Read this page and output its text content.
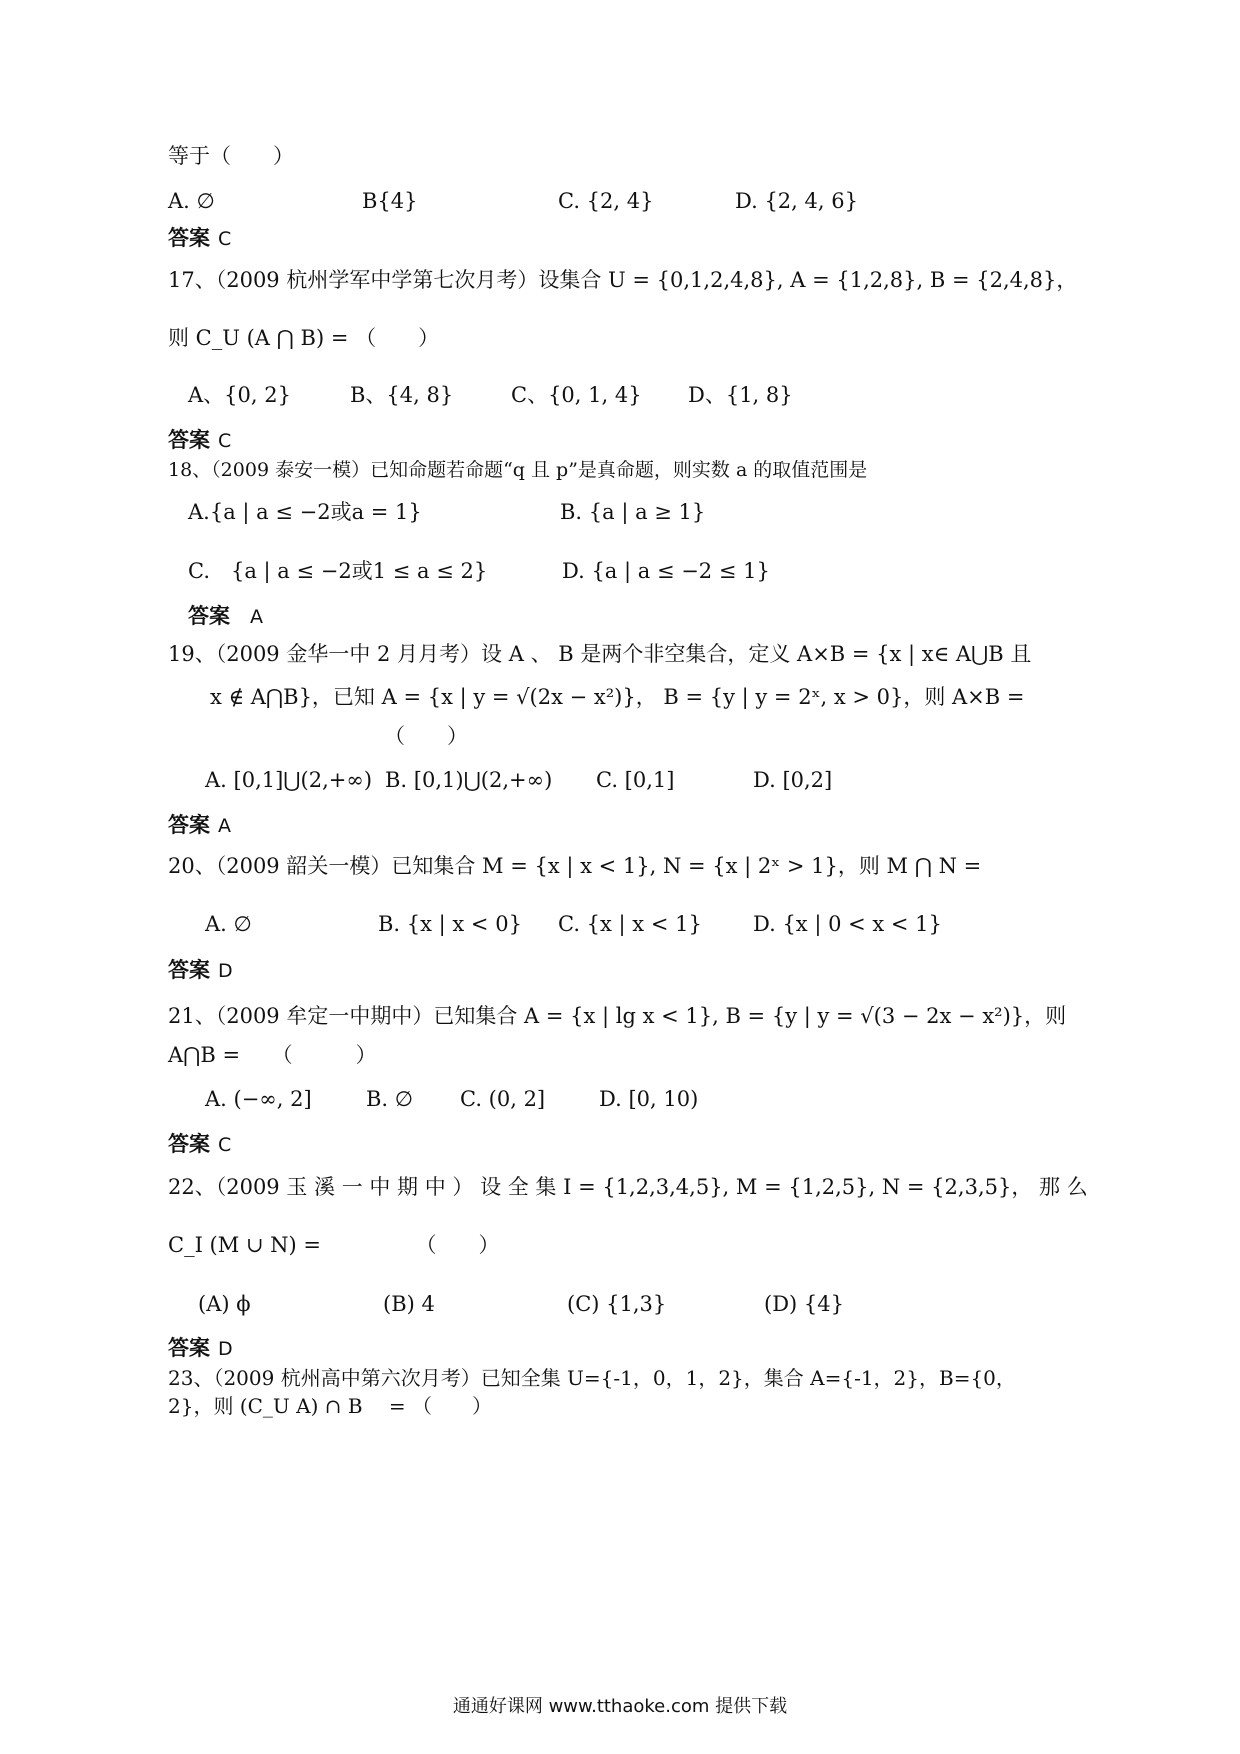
等于（　　）
A. ∅	B{4}	C. {2, 4}	D. {2, 4, 6}
答案 C
17、（2009 杭州学军中学第七次月考）设集合 U = {0,1,2,4,8}, A = {1,2,8}, B = {2,4,8}，
则 C_U (A ⋂ B) = （　　）
A、{0, 2}	B、{4, 8}	C、{0, 1, 4} D、{1, 8}
答案 C
18、（2009 泰安一模）已知命题若命题“q 且 p”是真命题，则实数 a 的取值范围是
A.{a | a ≤ −2或a = 1}	B. {a | a ≥ 1}
C.　{a | a ≤ −2或1 ≤ a ≤ 2}	D. {a | a ≤ −2 ≤ 1}
答案 A
19、（2009 金华一中 2 月月考）设 A 、 B 是两个非空集合，定义 A×B = {x | x∈ A⋃B 且
x ∉ A⋂B}，已知 A = {x | y = √(2x − x²)}， B = {y | y = 2ˣ, x > 0}，则 A×B =
（　　）
A. [0,1]⋃(2,+∞) B. [0,1)⋃(2,+∞) C. [0,1]	D. [0,2]
答案 A
20、（2009 韶关一模）已知集合 M = {x | x < 1}, N = {x | 2ˣ > 1}，则 M ⋂ N =
A. ∅	B. {x | x < 0} C. {x | x < 1} D. {x | 0 < x < 1}
答案 D
21、（2009 牟定一中期中）已知集合 A = {x | lg x < 1}, B = {y | y = √(3 − 2x − x²)}，则
A⋂B =　　（　　　）
A. (−∞, 2]	B. ∅ C. (0, 2]	D. [0, 10)
答案 C
22、（2009 玉 溪 一 中 期 中 ） 设 全 集 I = {1,2,3,4,5}, M = {1,2,5}, N = {2,3,5}， 那 么
C_I (M ∪ N) =　　　　　（　　）
(A) ϕ	(B) 4	(C) {1,3}	(D) {4}
答案 D
23、（2009 杭州高中第六次月考）已知全集 U={-1，0，1，2}，集合 A={-1，2}，B={0，
2}，则 (C_U A) ∩ B　 = （　　）
通通好课网 www.tthaoke.com 提供下载
